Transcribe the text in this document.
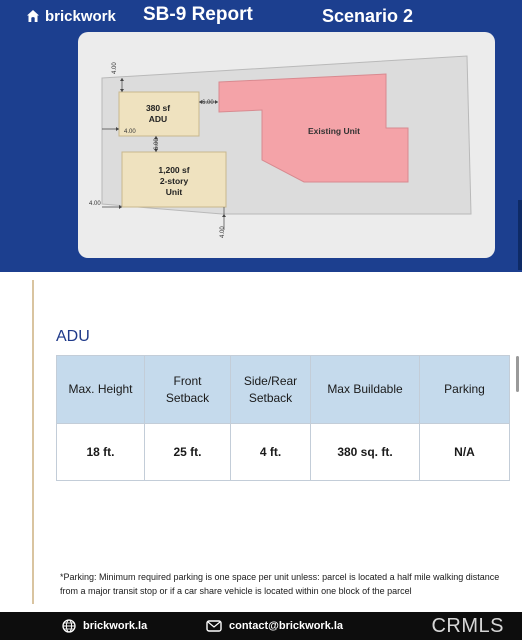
brickwork SB-9 Report	Scenario 2
Existing Unit
380 sf
ADU
1,200 sf
2-story
Unit
4.00
6.00
4.00
6.00
4.00
4.00
ADU
Max. Height	Front Setback	Side/Rear Setback	Max Buildable	Parking
18 ft.	25 ft.	4 ft.	380 sq. ft.	N/A
*Parking: Minimum required parking is one space per unit unless: parcel is located a half mile walking distance from a major transit stop or if a car share vehicle is located within one block of the parcel
brickwork.la	contact@brickwork.la	CRMLS
